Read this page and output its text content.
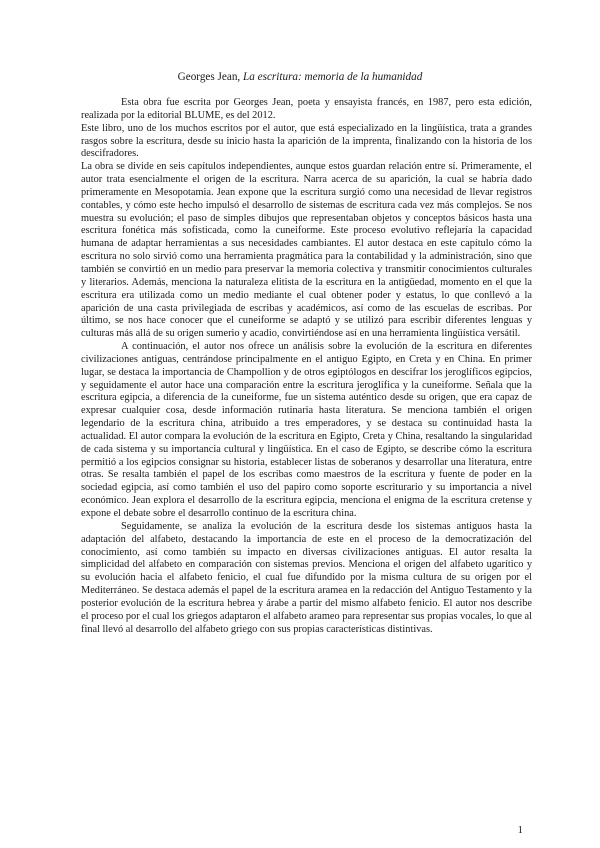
Georges Jean, La escritura: memoria de la humanidad

Esta obra fue escrita por Georges Jean, poeta y ensayista francés, en 1987, pero esta edición, realizada por la editorial BLUME, es del 2012.

Este libro, uno de los muchos escritos por el autor, que está especializado en la lingüística, trata a grandes rasgos sobre la escritura, desde su inicio hasta la aparición de la imprenta, finalizando con la historia de los descifradores.

La obra se divide en seis capítulos independientes, aunque estos guardan relación entre sí. Primeramente, el autor trata esencialmente el origen de la escritura. Narra acerca de su aparición, la cual se habría dado primeramente en Mesopotamia. Jean expone que la escritura surgió como una necesidad de llevar registros contables, y cómo este hecho impulsó el desarrollo de sistemas de escritura cada vez más complejos. Se nos muestra su evolución; el paso de simples dibujos que representaban objetos y conceptos básicos hasta una escritura fonética más sofisticada, como la cuneiforme. Este proceso evolutivo reflejaría la capacidad humana de adaptar herramientas a sus necesidades cambiantes. El autor destaca en este capítulo cómo la escritura no solo sirvió como una herramienta pragmática para la contabilidad y la administración, sino que también se convirtió en un medio para preservar la memoria colectiva y transmitir conocimientos culturales y literarios. Además, menciona la naturaleza elitista de la escritura en la antigüedad, momento en el que la escritura era utilizada como un medio mediante el cual obtener poder y estatus, lo que conllevó a la aparición de una casta privilegiada de escribas y académicos, así como de las escuelas de escribas. Por último, se nos hace conocer que el cuneiforme se adaptó y se utilizó para escribir diferentes lenguas y culturas más allá de su origen sumerio y acadio, convirtiéndose así en una herramienta lingüística versátil.

A continuación, el autor nos ofrece un análisis sobre la evolución de la escritura en diferentes civilizaciones antiguas, centrándose principalmente en el antiguo Egipto, en Creta y en China. En primer lugar, se destaca la importancia de Champollion y de otros egiptólogos en descifrar los jeroglíficos egipcios, y seguidamente el autor hace una comparación entre la escritura jeroglífica y la cuneiforme. Señala que la escritura egipcia, a diferencia de la cuneiforme, fue un sistema auténtico desde su origen, que era capaz de expresar cualquier cosa, desde información rutinaria hasta literatura. Se menciona también el origen legendario de la escritura china, atribuido a tres emperadores, y se destaca su continuidad hasta la actualidad. El autor compara la evolución de la escritura en Egipto, Creta y China, resaltando la singularidad de cada sistema y su importancia cultural y lingüística. En el caso de Egipto, se describe cómo la escritura permitió a los egipcios consignar su historia, establecer listas de soberanos y desarrollar una literatura, entre otras. Se resalta también el papel de los escribas como maestros de la escritura y fuente de poder en la sociedad egipcia, así como también el uso del papiro como soporte escriturario y su importancia a nivel económico. Jean explora el desarrollo de la escritura egipcia, menciona el enigma de la escritura cretense y expone el debate sobre el desarrollo continuo de la escritura china.

Seguidamente, se analiza la evolución de la escritura desde los sistemas antiguos hasta la adaptación del alfabeto, destacando la importancia de este en el proceso de la democratización del conocimiento, así como también su impacto en diversas civilizaciones antiguas. El autor resalta la simplicidad del alfabeto en comparación con sistemas previos. Menciona el origen del alfabeto ugarítico y su evolución hacia el alfabeto fenicio, el cual fue difundido por la misma cultura de su origen por el Mediterráneo. Se destaca además el papel de la escritura aramea en la redacción del Antiguo Testamento y la posterior evolución de la escritura hebrea y árabe a partir del mismo alfabeto fenicio. El autor nos describe el proceso por el cual los griegos adaptaron el alfabeto arameo para representar sus propias vocales, lo que al final llevó al desarrollo del alfabeto griego con sus propias características distintivas.

1
